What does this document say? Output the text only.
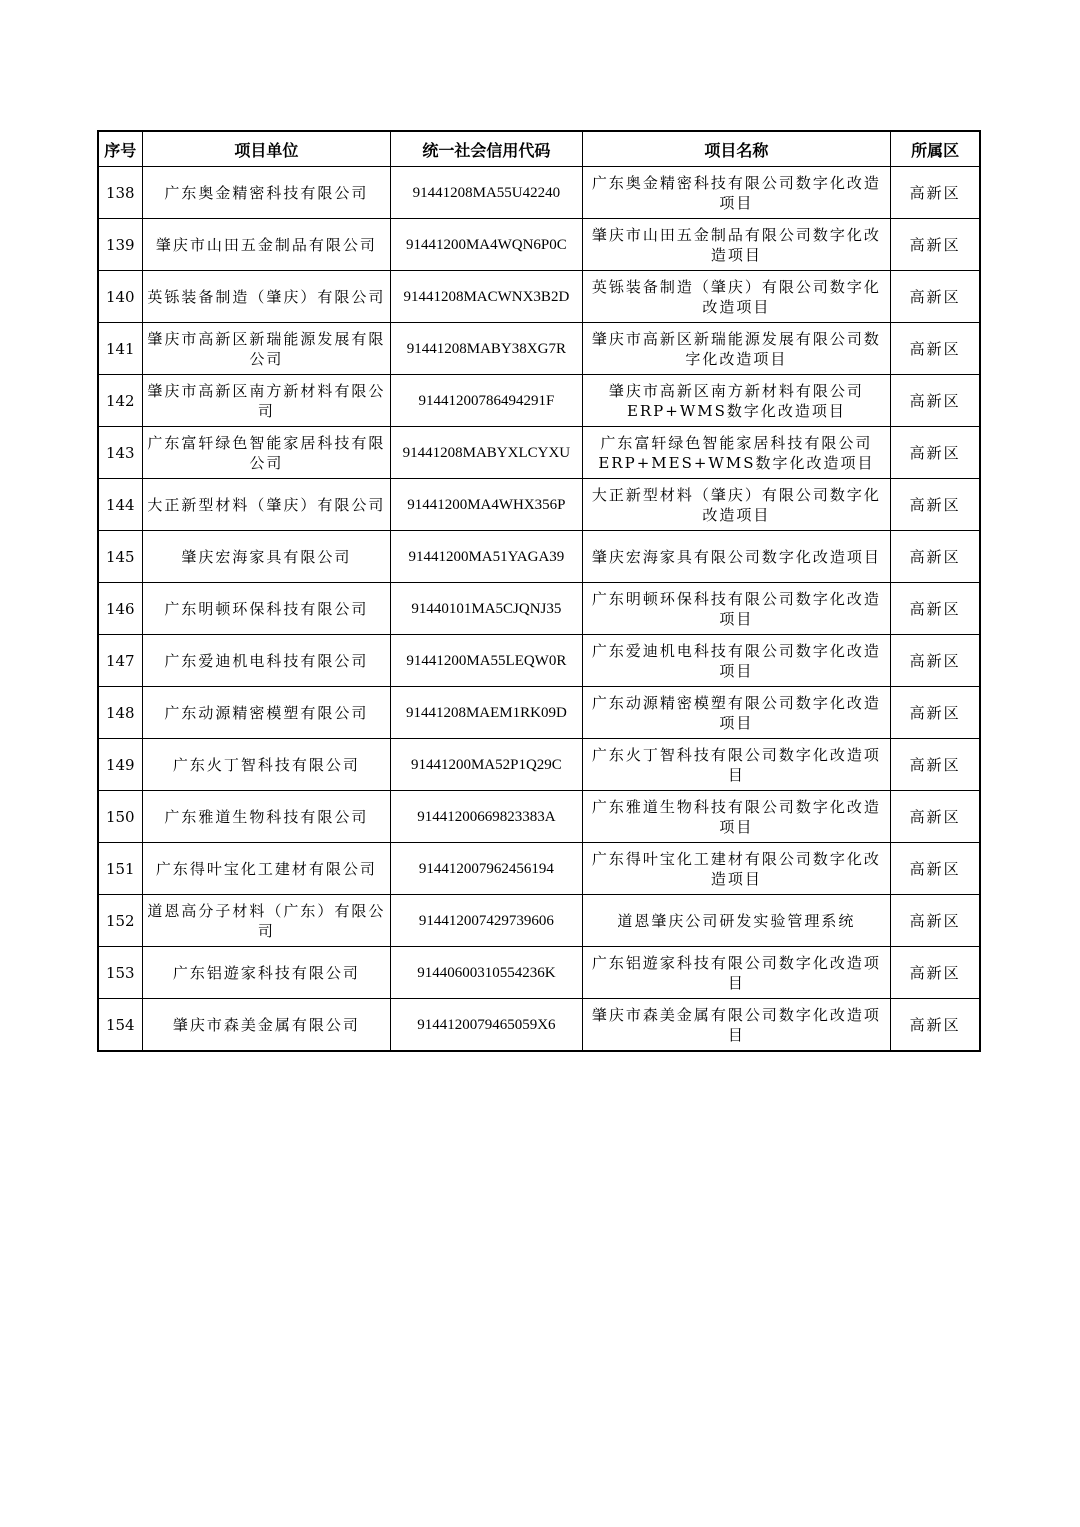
序号	项目单位	统一社会信用代码	项目名称	所属区
138	广东奥金精密科技有限公司	91441208MA55U42240	广东奥金精密科技有限公司数字化改造项目	高新区
139	肇庆市山田五金制品有限公司	91441200MA4WQN6P0C	肇庆市山田五金制品有限公司数字化改造项目	高新区
140	英铄装备制造（肇庆）有限公司	91441208MACWNX3B2D	英铄装备制造（肇庆）有限公司数字化改造项目	高新区
141	肇庆市高新区新瑞能源发展有限公司	91441208MABY38XG7R	肇庆市高新区新瑞能源发展有限公司数字化改造项目	高新区
142	肇庆市高新区南方新材料有限公司	91441200786494291F	肇庆市高新区南方新材料有限公司ERP+WMS数字化改造项目	高新区
143	广东富轩绿色智能家居科技有限公司	91441208MABYXLCYXU	广东富轩绿色智能家居科技有限公司ERP+MES+WMS数字化改造项目	高新区
144	大正新型材料（肇庆）有限公司	91441200MA4WHX356P	大正新型材料（肇庆）有限公司数字化改造项目	高新区
145	肇庆宏海家具有限公司	91441200MA51YAGA39	肇庆宏海家具有限公司数字化改造项目	高新区
146	广东明顿环保科技有限公司	91440101MA5CJQNJ35	广东明顿环保科技有限公司数字化改造项目	高新区
147	广东爱迪机电科技有限公司	91441200MA55LEQW0R	广东爱迪机电科技有限公司数字化改造项目	高新区
148	广东动源精密模塑有限公司	91441208MAEM1RK09D	广东动源精密模塑有限公司数字化改造项目	高新区
149	广东火丁智科技有限公司	91441200MA52P1Q29C	广东火丁智科技有限公司数字化改造项目	高新区
150	广东雅道生物科技有限公司	91441200669823383A	广东雅道生物科技有限公司数字化改造项目	高新区
151	广东得叶宝化工建材有限公司	914412007962456194	广东得叶宝化工建材有限公司数字化改造项目	高新区
152	道恩高分子材料（广东）有限公司	914412007429739606	道恩肇庆公司研发实验管理系统	高新区
153	广东铝遊家科技有限公司	91440600310554236K	广东铝遊家科技有限公司数字化改造项目	高新区
154	肇庆市森美金属有限公司	9144120079465059X6	肇庆市森美金属有限公司数字化改造项目	高新区
